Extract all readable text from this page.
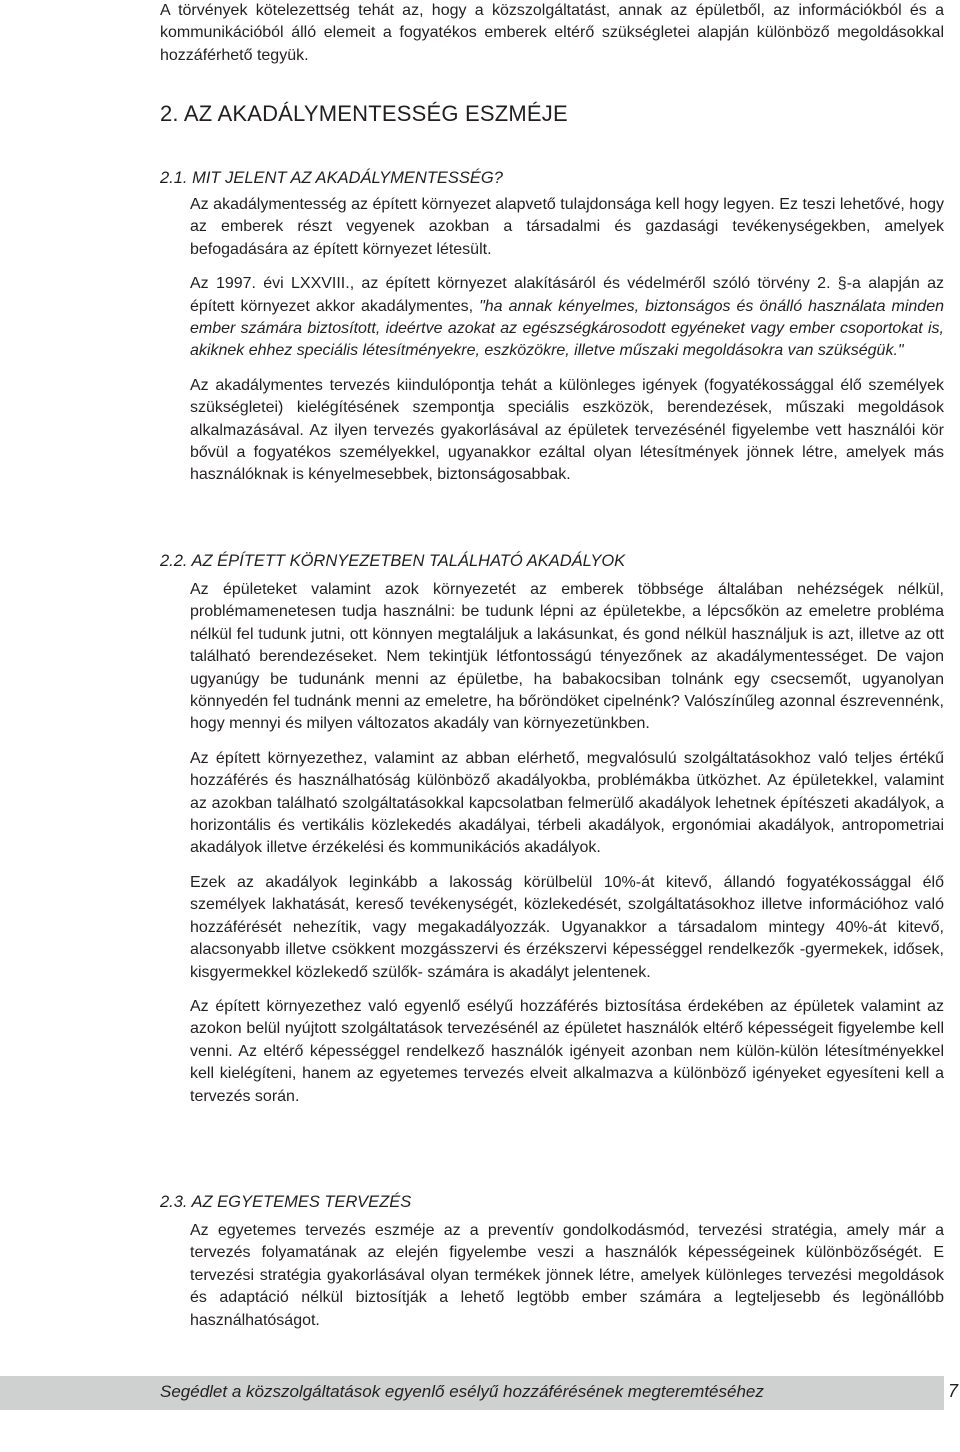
A törvények kötelezettség tehát az, hogy a közszolgáltatást, annak az épületből, az információkból és a kommunikációból álló elemeit a fogyatékos emberek eltérő szükségletei alapján különböző megoldásokkal hozzáférhető tegyük.

2. AZ AKADÁLYMENTESSÉG ESZMÉJE
2.1. MIT JELENT AZ AKADÁLYMENTESSÉG?

Az akadálymentesség az épített környezet alapvető tulajdonsága kell hogy legyen. Ez teszi lehetővé, hogy az emberek részt vegyenek azokban a társadalmi és gazdasági tevékenységekben, amelyek befogadására az épített környezet létesült.

Az 1997. évi LXXVIII., az épített környezet alakításáról és védelméről szóló törvény 2. §-a alapján az épített környezet akkor akadálymentes, "ha annak kényelmes, biztonságos és önálló használata minden ember számára biztosított, ideértve azokat az egészségkárosodott egyéneket vagy ember csoportokat is, akiknek ehhez speciális létesítményekre, eszközökre, illetve műszaki megoldásokra van szükségük."

Az akadálymentes tervezés kiindulópontja tehát a különleges igények (fogyatékossággal élő személyek szükségletei) kielégítésének szempontja speciális eszközök, berendezések, műszaki megoldások alkalmazásával. Az ilyen tervezés gyakorlásával az épületek tervezésénél figyelembe vett használói kör bővül a fogyatékos személyekkel, ugyanakkor ezáltal olyan létesítmények jönnek létre, amelyek más használóknak is kényelmesebbek, biztonságosabbak.

2.2. AZ ÉPÍTETT KÖRNYEZETBEN TALÁLHATÓ AKADÁLYOK

Az épületeket valamint azok környezetét az emberek többsége általában nehézségek nélkül, problémamenetesen tudja használni: be tudunk lépni az épületekbe, a lépcsőkön az emeletre probléma nélkül fel tudunk jutni, ott könnyen megtaláljuk a lakásunkat, és gond nélkül használjuk is azt, illetve az ott található berendezéseket. Nem tekintjük létfontosságú tényezőnek az akadálymentességet. De vajon ugyanúgy be tudunánk menni az épületbe, ha babakocsiban tolnánk egy csecsemőt, ugyanolyan könnyedén fel tudnánk menni az emeletre, ha bőröndöket cipelnénk? Valószínűleg azonnal észrevennénk, hogy mennyi és milyen változatos akadály van környezetünkben.

Az épített környezethez, valamint az abban elérhető, megvalósulú szolgáltatásokhoz való teljes értékű hozzáférés és használhatóság különböző akadályokba, problémákba ütközhet. Az épületekkel, valamint az azokban található szolgáltatásokkal kapcsolatban felmerülő akadályok lehetnek építészeti akadályok, a horizontális és vertikális közlekedés akadályai, térbeli akadályok, ergonómiai akadályok, antropometriai akadályok illetve érzékelési és kommunikációs akadályok.

Ezek az akadályok leginkább a lakosság körülbelül 10%-át kitevő, állandó fogyatékossággal élő személyek lakhatását, kereső tevékenységét, közlekedését, szolgáltatásokhoz illetve információhoz való hozzáférését nehezítik, vagy megakadályozzák. Ugyanakkor a társadalom mintegy 40%-át kitevő, alacsonyabb illetve csökkent mozgásszervi és érzékszervi képességgel rendelkezők -gyermekek, idősek, kisgyermekkel közlekedő szülők- számára is akadályt jelentenek.

Az épített környezethez való egyenlő esélyű hozzáférés biztosítása érdekében az épületek valamint az azokon belül nyújtott szolgáltatások tervezésénél az épületet használók eltérő képességeit figyelembe kell venni. Az eltérő képességgel rendelkező használók igényeit azonban nem külön-külön létesítményekkel kell kielégíteni, hanem az egyetemes tervezés elveit alkalmazva a különböző igényeket egyesíteni kell a tervezés során.

2.3. AZ EGYETEMES TERVEZÉS

Az egyetemes tervezés eszméje az a preventív gondolkodásmód, tervezési stratégia, amely már a tervezés folyamatának az elején figyelembe veszi a használók képességeinek különbözőségét. E tervezési stratégia gyakorlásával olyan termékek jönnek létre, amelyek különleges tervezési megoldások és adaptáció nélkül biztosítják a lehető legtöbb ember számára a legteljesebb és legönállóbb használhatóságot.

Segédlet a közszolgáltatások egyenlő esélyű hozzáférésének megteremtéséhez	7
